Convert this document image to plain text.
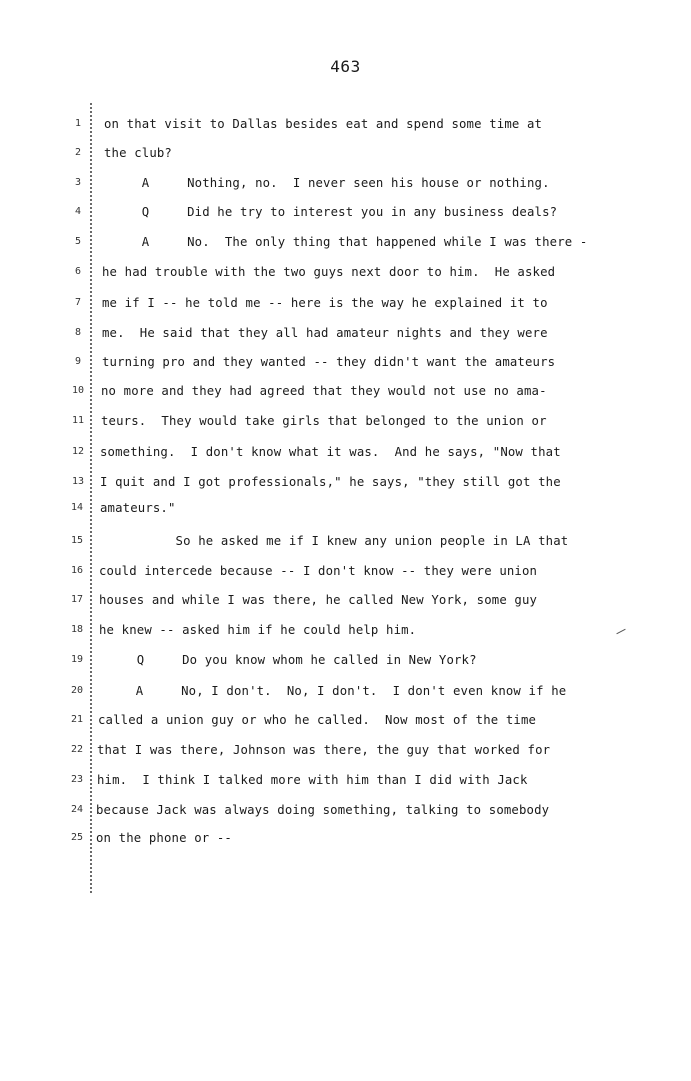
463
1	on that visit to Dallas besides eat and spend some time at
2	the club?
3	A     Nothing, no.  I never seen his house or nothing.
4	Q     Did he try to interest you in any business deals?
5	A     No.  The only thing that happened while I was there -
6	he had trouble with the two guys next door to him.  He asked
7	me if I -- he told me -- here is the way he explained it to
8	me.  He said that they all had amateur nights and they were
9	turning pro and they wanted -- they didn't want the amateurs
10	no more and they had agreed that they would not use no ama-
11	teurs.  They would take girls that belonged to the union or
12	something.  I don't know what it was.  And he says, "Now that
13	I quit and I got professionals," he says, "they still got the
14	amateurs."
15	So he asked me if I knew any union people in LA that
16	could intercede because -- I don't know -- they were union
17	houses and while I was there, he called New York, some guy
18	he knew -- asked him if he could help him.
19	Q     Do you know whom he called in New York?
20	A     No, I don't.  No, I don't.  I don't even know if he
21	called a union guy or who he called.  Now most of the time
22	that I was there, Johnson was there, the guy that worked for
23	him.  I think I talked more with him than I did with Jack
24	because Jack was always doing something, talking to somebody
25	on the phone or --
